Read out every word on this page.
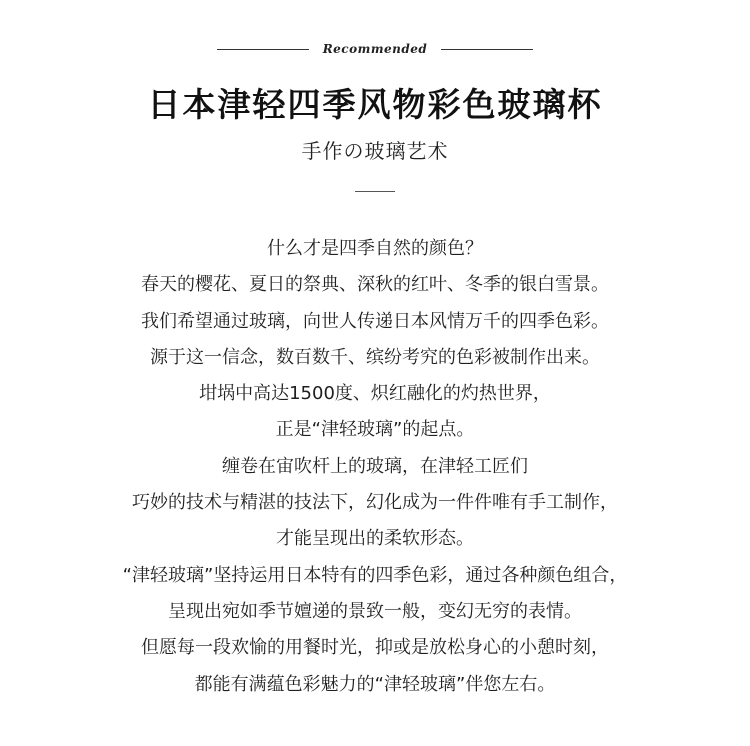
Recommended
日本津轻四季风物彩色玻璃杯

手作の玻璃艺术

什么才是四季自然的颜色？
春天的樱花、夏日的祭典、深秋的红叶、冬季的银白雪景。
我们希望通过玻璃，向世人传递日本风情万千的四季色彩。
源于这一信念，数百数千、缤纷考究的色彩被制作出来。
坩埚中高达1500度、炽红融化的灼热世界，
正是“津轻玻璃”的起点。
缠卷在宙吹杆上的玻璃，在津轻工匠们
巧妙的技术与精湛的技法下，幻化成为一件件唯有手工制作，
才能呈现出的柔软形态。
“津轻玻璃”坚持运用日本特有的四季色彩，通过各种颜色组合，
呈现出宛如季节嬗递的景致一般，变幻无穷的表情。
但愿每一段欢愉的用餐时光，抑或是放松身心的小憩时刻，
都能有满蕴色彩魅力的“津轻玻璃”伴您左右。
